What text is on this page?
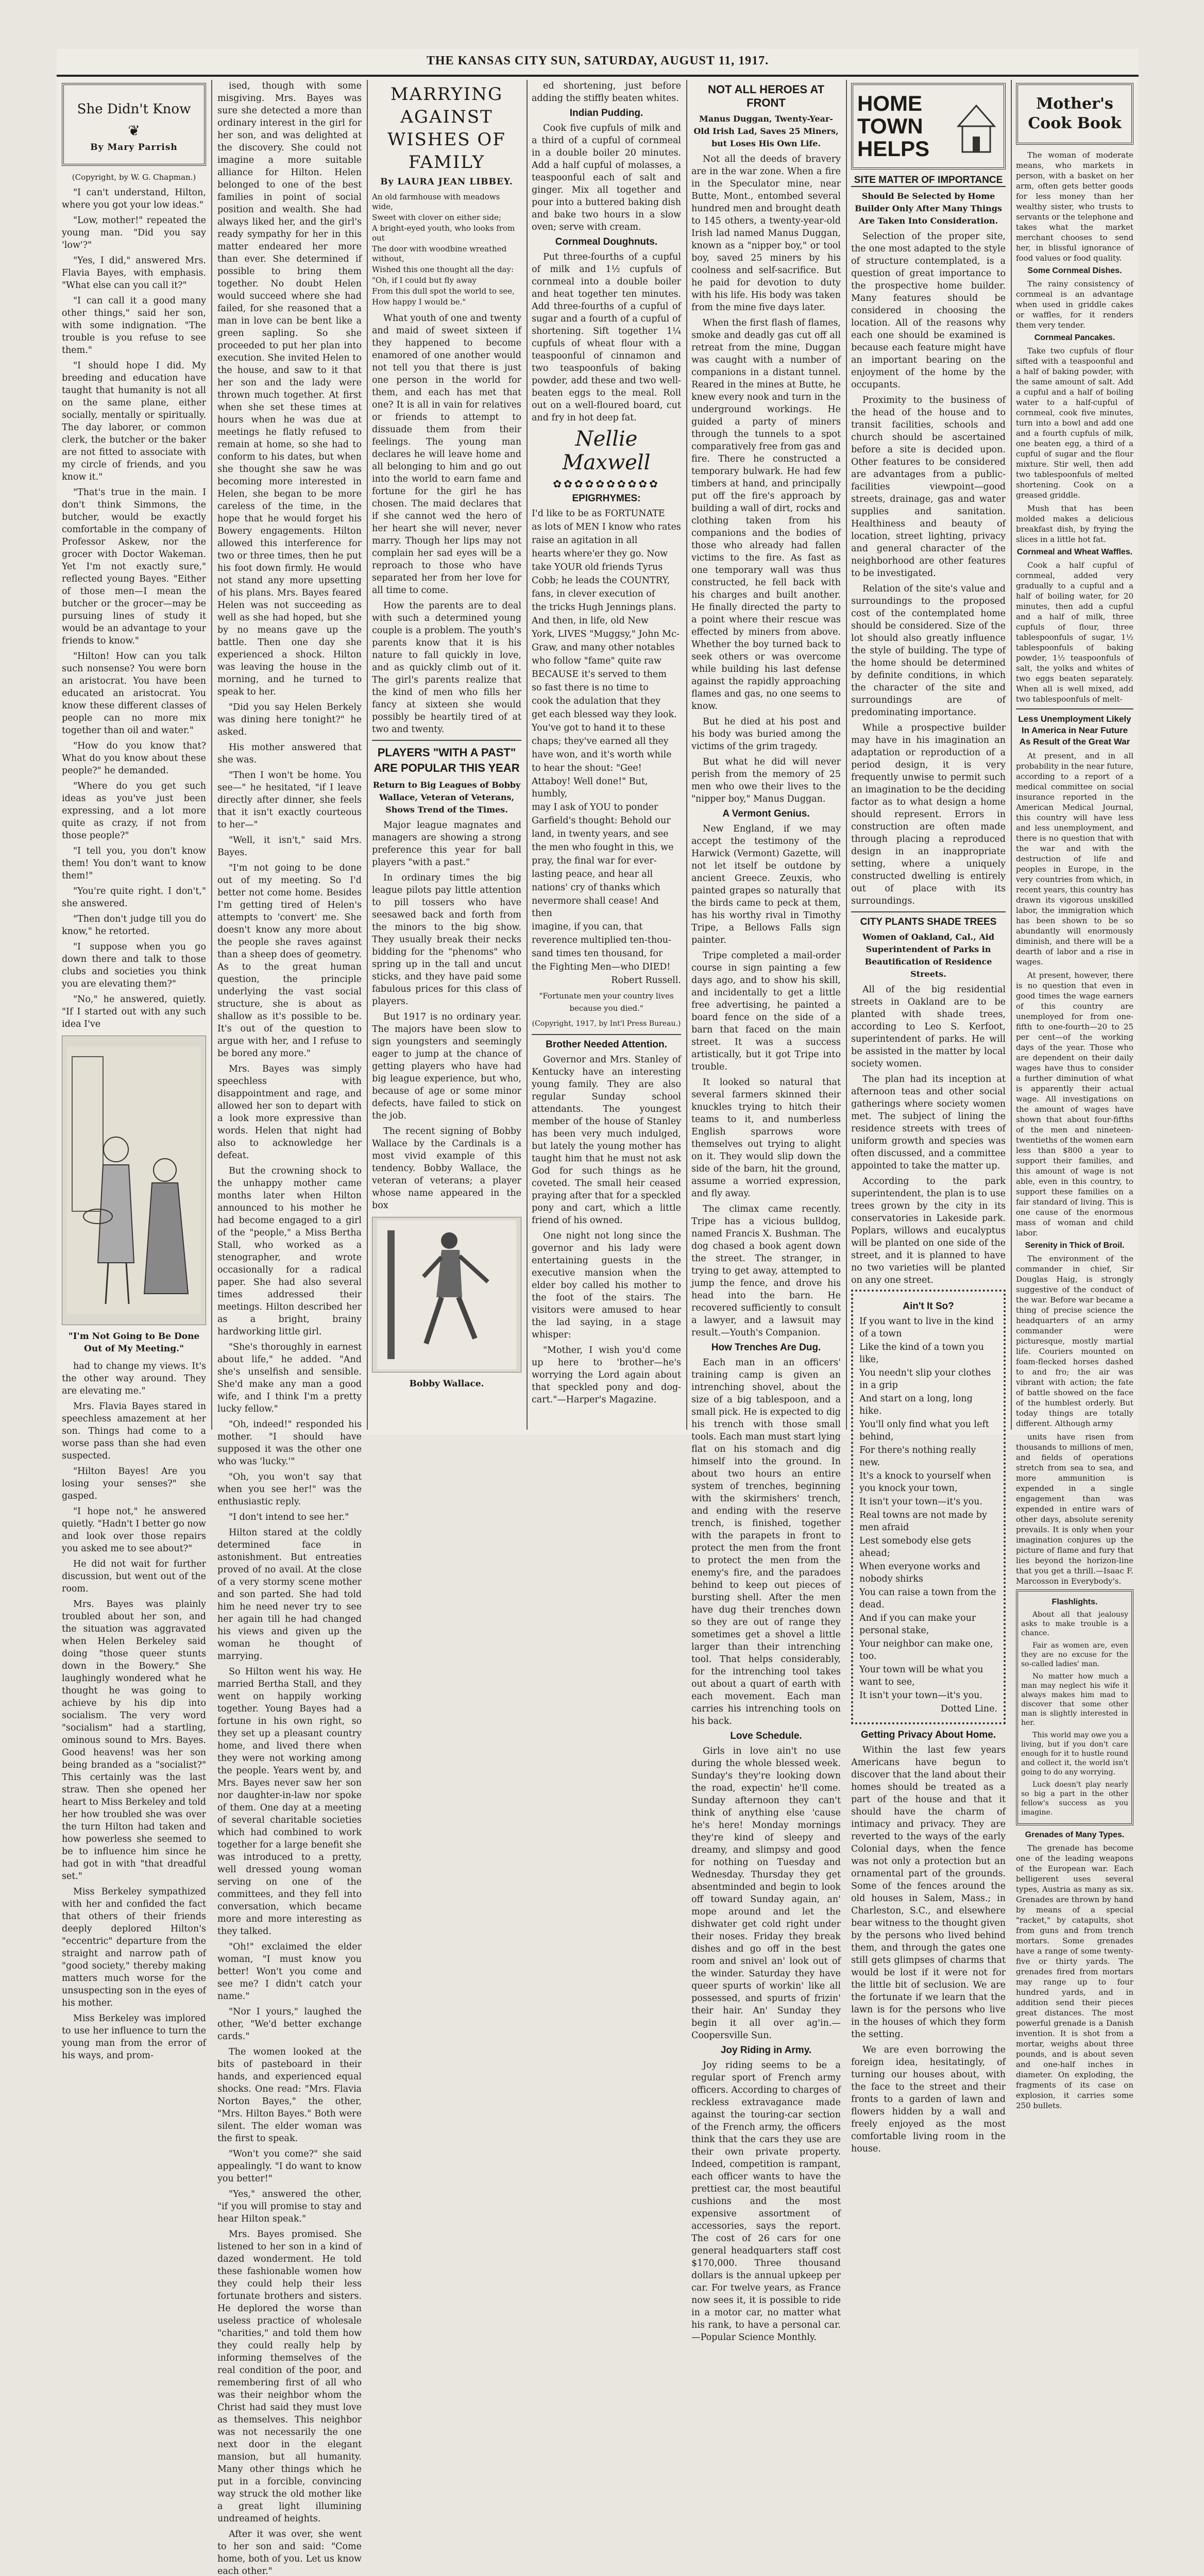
THE KANSAS CITY SUN, SATURDAY, AUGUST 11, 1917.
She Didn't Know
❦
By Mary Parrish

(Copyright, by W. G. Chapman.)

"I can't understand, Hilton, where you got your low ideas."

"Low, mother!" repeated the young man. "Did you say 'low'?"

"Yes, I did," answered Mrs. Flavia Bayes, with emphasis. "What else can you call it?"

"I can call it a good many other things," said her son, with some indignation. "The trouble is you refuse to see them."

"I should hope I did. My breeding and education have taught that humanity is not all on the same plane, either socially, mentally or spiritually. The day laborer, or common clerk, the butcher or the baker are not fitted to associate with my circle of friends, and you know it."

"That's true in the main. I don't think Simmons, the butcher, would be exactly comfortable in the company of Professor Askew, nor the grocer with Doctor Wakeman. Yet I'm not exactly sure," reflected young Bayes. "Either of those men—I mean the butcher or the grocer—may be pursuing lines of study it would be an advantage to your friends to know."

"Hilton! How can you talk such nonsense? You were born an aristocrat. You have been educated an aristocrat. You know these different classes of people can no more mix together than oil and water."

"How do you know that? What do you know about these people?" he demanded.

"Where do you get such ideas as you've just been expressing, and a lot more quite as crazy, if not from those people?"

"I tell you, you don't know them! You don't want to know them!"

"You're quite right. I don't," she answered.

"Then don't judge till you do know," he retorted.

"I suppose when you go down there and talk to those clubs and societies you think you are elevating them?"

"No," he answered, quietly. "If I started out with any such idea I've

"I'm Not Going to Be Done Out of My Meeting."

had to change my views. It's the other way around. They are elevating me."

Mrs. Flavia Bayes stared in speechless amazement at her son. Things had come to a worse pass than she had even suspected.

"Hilton Bayes! Are you losing your senses?" she gasped.

"I hope not," he answered quietly. "Hadn't I better go now and look over those repairs you asked me to see about?"

He did not wait for further discussion, but went out of the room.

Mrs. Bayes was plainly troubled about her son, and the situation was aggravated when Helen Berkeley said doing "those queer stunts down in the Bowery." She laughingly wondered what he thought he was going to achieve by his dip into socialism. The very word "socialism" had a startling, ominous sound to Mrs. Bayes. Good heavens! was her son being branded as a "socialist?" This certainly was the last straw. Then she opened her heart to Miss Berkeley and told her how troubled she was over the turn Hilton had taken and how powerless she seemed to be to influence him since he had got in with "that dreadful set."

Miss Berkeley sympathized with her and confided the fact that others of their friends deeply deplored Hilton's "eccentric" departure from the straight and narrow path of "good society," thereby making matters much worse for the unsuspecting son in the eyes of his mother.

Miss Berkeley was implored to use her influence to turn the young man from the error of his ways, and prom-

ised, though with some misgiving. Mrs. Bayes was sure she detected a more than ordinary interest in the girl for her son, and was delighted at the discovery. She could not imagine a more suitable alliance for Hilton. Helen belonged to one of the best families in point of social position and wealth. She had always liked her, and the girl's ready sympathy for her in this matter endeared her more than ever. She determined if possible to bring them together. No doubt Helen would succeed where she had failed, for she reasoned that a man in love can be bent like a green sapling. So she proceeded to put her plan into execution. She invited Helen to the house, and saw to it that her son and the lady were thrown much together. At first when she set these times at hours when he was due at meetings he flatly refused to remain at home, so she had to conform to his dates, but when she thought she saw he was becoming more interested in Helen, she began to be more careless of the time, in the hope that he would forget his Bowery engagements. Hilton allowed this interference for two or three times, then he put his foot down firmly. He would not stand any more upsetting of his plans. Mrs. Bayes feared Helen was not succeeding as well as she had hoped, but she by no means gave up the battle. Then one day she experienced a shock. Hilton was leaving the house in the morning, and he turned to speak to her.

"Did you say Helen Berkely was dining here tonight?" he asked.

His mother answered that she was.

"Then I won't be home. You see—" he hesitated, "if I leave directly after dinner, she feels that it isn't exactly courteous to her—"

"Well, it isn't," said Mrs. Bayes.

"I'm not going to be done out of my meeting. So I'd better not come home. Besides I'm getting tired of Helen's attempts to 'convert' me. She doesn't know any more about the people she raves against than a sheep does of geometry. As to the great human question, the principle underlying the vast social structure, she is about as shallow as it's possible to be. It's out of the question to argue with her, and I refuse to be bored any more."

Mrs. Bayes was simply speechless with disappointment and rage, and allowed her son to depart with a look more expressive than words. Helen that night had also to acknowledge her defeat.

But the crowning shock to the unhappy mother came months later when Hilton announced to his mother he had become engaged to a girl of the "people," a Miss Bertha Stall, who worked as a stenographer, and wrote occasionally for a radical paper. She had also several times addressed their meetings. Hilton described her as a bright, brainy hardworking little girl.

"She's thoroughly in earnest about life," he added. "And she's unselfish and sensible. She'd make any man a good wife, and I think I'm a pretty lucky fellow."

"Oh, indeed!" responded his mother. "I should have supposed it was the other one who was 'lucky.'"

"Oh, you won't say that when you see her!" was the enthusiastic reply.

"I don't intend to see her."

Hilton stared at the coldly determined face in astonishment. But entreaties proved of no avail. At the close of a very stormy scene mother and son parted. She had told him he need never try to see her again till he had changed his views and given up the woman he thought of marrying.

So Hilton went his way. He married Bertha Stall, and they went on happily working together. Young Bayes had a fortune in his own right, so they set up a pleasant country home, and lived there when they were not working among the people. Years went by, and Mrs. Bayes never saw her son nor daughter-in-law nor spoke of them. One day at a meeting of several charitable societies which had combined to work together for a large benefit she was introduced to a pretty, well dressed young woman serving on one of the committees, and they fell into conversation, which became more and more interesting as they talked.

"Oh!" exclaimed the elder woman, "I must know you better! Won't you come and see me? I didn't catch your name."

"Nor I yours," laughed the other, "We'd better exchange cards."

The women looked at the bits of pasteboard in their hands, and experienced equal shocks. One read: "Mrs. Flavia Norton Bayes," the other, "Mrs. Hilton Bayes." Both were silent. The elder woman was the first to speak.

"Won't you come?" she said appealingly. "I do want to know you better!"

"Yes," answered the other, "if you will promise to stay and hear Hilton speak."

Mrs. Bayes promised. She listened to her son in a kind of dazed wonderment. He told these fashionable women how they could help their less fortunate brothers and sisters. He deplored the worse than useless practice of wholesale "charities," and told them how they could really help by informing themselves of the real condition of the poor, and remembering first of all who was their neighbor whom the Christ had said they must love as themselves. This neighbor was not necessarily the one next door in the elegant mansion, but all humanity. Many other things which he put in a forcible, convincing way struck the old mother like a great light illumining undreamed of heights.

After it was over, she went to her son and said: "Come home, both of you. Let us know each other."

MARRYING AGAINST WISHES OF FAMILY
By LAURA JEAN LIBBEY.

An old farmhouse with meadows wide,

Sweet with clover on either side;

A bright-eyed youth, who looks from out

The door with woodbine wreathed without,

Wished this one thought all the day:

"Oh, if I could but fly away

From this dull spot the world to see,

How happy I would be."

What youth of one and twenty and maid of sweet sixteen if they happened to become enamored of one another would not tell you that there is just one person in the world for them, and each has met that one? It is all in vain for relatives or friends to attempt to dissuade them from their feelings. The young man declares he will leave home and all belonging to him and go out into the world to earn fame and fortune for the girl he has chosen. The maid declares that if she cannot wed the hero of her heart she will never, never marry. Though her lips may not complain her sad eyes will be a reproach to those who have separated her from her love for all time to come.

How the parents are to deal with such a determined young couple is a problem. The youth's parents know that it is his nature to fall quickly in love, and as quickly climb out of it. The girl's parents realize that the kind of men who fills her fancy at sixteen she would possibly be heartily tired of at two and twenty.

PLAYERS "WITH A PAST" ARE POPULAR THIS YEAR

Return to Big Leagues of Bobby Wallace, Veteran of Veterans, Shows Trend of the Times.

Major league magnates and managers are showing a strong preference this year for ball players "with a past."

In ordinary times the big league pilots pay little attention to pill tossers who have seesawed back and forth from the minors to the big show. They usually break their necks bidding for the "phenoms" who spring up in the tall and uncut sticks, and they have paid some fabulous prices for this class of players.

But 1917 is no ordinary year. The majors have been slow to sign youngsters and seemingly eager to jump at the chance of getting players who have had big league experience, but who, because of age or some minor defects, have failed to stick on the job.

The recent signing of Bobby Wallace by the Cardinals is a most vivid example of this tendency. Bobby Wallace, the veteran of veterans; a player whose name appeared in the box

Bobby Wallace.

ed shortening, just before adding the stiffly beaten whites.

Indian Pudding.

Cook five cupfuls of milk and a third of a cupful of cornmeal in a double boiler 20 minutes. Add a half cupful of molasses, a teaspoonful each of salt and ginger. Mix all together and pour into a buttered baking dish and bake two hours in a slow oven; serve with cream.

Cornmeal Doughnuts.

Put three-fourths of a cupful of milk and 1½ cupfuls of cornmeal into a double boiler and heat together ten minutes. Add three-fourths of a cupful of sugar and a fourth of a cupful of shortening. Sift together 1¼ cupfuls of wheat flour with a teaspoonful of cinnamon and two teaspoonfuls of baking powder, add these and two well-beaten eggs to the meal. Roll out on a well-floured board, cut and fry in hot deep fat.

Nellie Maxwell
✿✿✿✿✿✿✿✿✿✿
EPIGRHYMES:

I'd like to be as FORTUNATE

as lots of MEN I know who rates

raise an agitation in all

hearts where'er they go. Now

take YOUR old friends Tyrus

Cobb; he leads the COUNTRY,

fans, in clever execution of

the tricks Hugh Jennings plans.

And then, in life, old New

York, LIVES "Muggsy," John Mc-

Graw, and many other notables

who follow "fame" quite raw

BECAUSE it's served to them

so fast there is no time to

cook the adulation that they

get each blessed way they look.

You've got to hand it to these

chaps; they've earned all they

have won, and it's worth while

to hear the shout: "Gee!

Attaboy! Well done!" But, humbly,

may I ask of YOU to ponder

Garfield's thought: Behold our

land, in twenty years, and see

the men who fought in this, we

pray, the final war for ever-

lasting peace, and hear all

nations' cry of thanks which

nevermore shall cease! And then

imagine, if you can, that

reverence multiplied ten-thou-

sand times ten thousand, for

the Fighting Men—who DIED!

Robert Russell.

"Fortunate men your country lives because you died."

(Copyright, 1917, by Int'l Press Bureau.)

Brother Needed Attention.

Governor and Mrs. Stanley of Kentucky have an interesting young family. They are also regular Sunday school attendants. The youngest member of the house of Stanley has been very much indulged, but lately the young mother has taught him that he must not ask God for such things as he coveted. The small heir ceased praying after that for a speckled pony and cart, which a little friend of his owned.

One night not long since the governor and his lady were entertaining guests in the executive mansion when the elder boy called his mother to the foot of the stairs. The visitors were amused to hear the lad saying, in a stage whisper:

"Mother, I wish you'd come up here to 'brother—he's worrying the Lord again about that speckled pony and dog-cart."—Harper's Magazine.

NOT ALL HEROES AT FRONT

Manus Duggan, Twenty-Year-Old Irish Lad, Saves 25 Miners, but Loses His Own Life.

Not all the deeds of bravery are in the war zone. When a fire in the Speculator mine, near Butte, Mont., entombed several hundred men and brought death to 145 others, a twenty-year-old Irish lad named Manus Duggan, known as a "nipper boy," or tool boy, saved 25 miners by his coolness and self-sacrifice. But he paid for devotion to duty with his life. His body was taken from the mine five days later.

When the first flash of flames, smoke and deadly gas cut off all retreat from the mine, Duggan was caught with a number of companions in a distant tunnel. Reared in the mines at Butte, he knew every nook and turn in the underground workings. He guided a party of miners through the tunnels to a spot comparatively free from gas and fire. There he constructed a temporary bulwark. He had few timbers at hand, and principally put off the fire's approach by building a wall of dirt, rocks and clothing taken from his companions and the bodies of those who already had fallen victims to the fire. As fast as one temporary wall was thus constructed, he fell back with his charges and built another. He finally directed the party to a point where their rescue was effected by miners from above. Whether the boy turned back to seek others or was overcome while building his last defense against the rapidly approaching flames and gas, no one seems to know.

But he died at his post and his body was buried among the victims of the grim tragedy.

But what he did will never perish from the memory of 25 men who owe their lives to the "nipper boy," Manus Duggan.

A Vermont Genius.

New England, if we may accept the testimony of the Harwick (Vermont) Gazette, will not let itself be outdone by ancient Greece. Zeuxis, who painted grapes so naturally that the birds came to peck at them, has his worthy rival in Timothy Tripe, a Bellows Falls sign painter.

Tripe completed a mail-order course in sign painting a few days ago, and to show his skill, and incidentally to get a little free advertising, he painted a board fence on the side of a barn that faced on the main street. It was a success artistically, but it got Tripe into trouble.

It looked so natural that several farmers skinned their knuckles trying to hitch their teams to it, and numberless English sparrows wore themselves out trying to alight on it. They would slip down the side of the barn, hit the ground, assume a worried expression, and fly away.

The climax came recently. Tripe has a vicious bulldog, named Francis X. Bushman. The dog chased a book agent down the street. The stranger, in trying to get away, attempted to jump the fence, and drove his head into the barn. He recovered sufficiently to consult a lawyer, and a lawsuit may result.—Youth's Companion.

How Trenches Are Dug.

Each man in an officers' training camp is given an intrenching shovel, about the size of a big tablespoon, and a small pick. He is expected to dig his trench with those small tools. Each man must start lying flat on his stomach and dig himself into the ground. In about two hours an entire system of trenches, beginning with the skirmishers' trench, and ending with the reserve trench, is finished, together with the parapets in front to protect the men from the front to protect the men from the enemy's fire, and the paradoes behind to keep out pieces of bursting shell. After the men have dug their trenches down so they are out of range they sometimes get a shovel a little larger than their intrenching tool. That helps considerably, for the intrenching tool takes out about a quart of earth with each movement. Each man carries his intrenching tools on his back.

Love Schedule.

Girls in love ain't no use during the whole blessed week. Sunday's they're looking down the road, expectin' he'll come. Sunday afternoon they can't think of anything else 'cause he's here! Monday mornings they're kind of sleepy and dreamy, and slimpsy and good for nothing on Tuesday and Wednesday. Thursday they get absentminded and begin to look off toward Sunday again, an' mope around and let the dishwater get cold right under their noses. Friday they break dishes and go off in the best room and snivel an' look out of the winder. Saturday they have queer spurts of workin' like all possessed, and spurts of frizin' their hair. An' Sunday they begin it all over ag'in.—Coopersville Sun.

Joy Riding in Army.

Joy riding seems to be a regular sport of French army officers. According to charges of reckless extravagance made against the touring-car section of the French army, the officers think that the cars they use are their own private property. Indeed, competition is rampant, each officer wants to have the prettiest car, the most beautiful cushions and the most expensive assortment of accessories, says the report. The cost of 26 cars for one general headquarters staff cost $170,000. Three thousand dollars is the annual upkeep per car. For twelve years, as France now sees it, it is possible to ride in a motor car, no matter what his rank, to have a personal car.—Popular Science Monthly.

HOME TOWN HELPS
SITE MATTER OF IMPORTANCE

Should Be Selected by Home Builder Only After Many Things Are Taken Into Consideration.

Selection of the proper site, the one most adapted to the style of structure contemplated, is a question of great importance to the prospective home builder. Many features should be considered in choosing the location. All of the reasons why each one should be examined is because each feature might have an important bearing on the enjoyment of the home by the occupants.

Proximity to the business of the head of the house and to transit facilities, schools and church should be ascertained before a site is decided upon. Other features to be considered are advantages from a public-facilities viewpoint—good streets, drainage, gas and water supplies and sanitation. Healthiness and beauty of location, street lighting, privacy and general character of the neighborhood are other features to be investigated.

Relation of the site's value and surroundings to the proposed cost of the contemplated home should be considered. Size of the lot should also greatly influence the style of building. The type of the home should be determined by definite conditions, in which the character of the site and surroundings are of predominating importance.

While a prospective builder may have in his imagination an adaptation or reproduction of a period design, it is very frequently unwise to permit such an imagination to be the deciding factor as to what design a home should represent. Errors in construction are often made through placing a reproduced design in an inappropriate setting, where a uniquely constructed dwelling is entirely out of place with its surroundings.

CITY PLANTS SHADE TREES

Women of Oakland, Cal., Aid Superintendent of Parks in Beautification of Residence Streets.

All of the big residential streets in Oakland are to be planted with shade trees, according to Leo S. Kerfoot, superintendent of parks. He will be assisted in the matter by local society women.

The plan had its inception at afternoon teas and other social gatherings where society women met. The subject of lining the residence streets with trees of uniform growth and species was often discussed, and a committee appointed to take the matter up.

According to the park superintendent, the plan is to use trees grown by the city in its conservatories in Lakeside park. Poplars, willows and eucalyptus will be planted on one side of the street, and it is planned to have no two varieties will be planted on any one street.

Ain't It So?

If you want to live in the kind of a town

Like the kind of a town you like,

You needn't slip your clothes in a grip

And start on a long, long hike.

You'll only find what you left behind,

For there's nothing really new.

It's a knock to yourself when you knock your town,

It isn't your town—it's you.

Real towns are not made by men afraid

Lest somebody else gets ahead;

When everyone works and nobody shirks

You can raise a town from the dead.

And if you can make your personal stake,

Your neighbor can make one, too.

Your town will be what you want to see,

It isn't your town—it's you.

Dotted Line.

Getting Privacy About Home.

Within the last few years Americans have begun to discover that the land about their homes should be treated as a part of the house and that it should have the charm of intimacy and privacy. They are reverted to the ways of the early Colonial days, when the fence was not only a protection but an ornamental part of the grounds. Some of the fences around the old houses in Salem, Mass.; in Charleston, S.C., and elsewhere bear witness to the thought given by the persons who lived behind them, and through the gates one still gets glimpses of charms that would be lost if it were not for the little bit of seclusion. We are the fortunate if we learn that the lawn is for the persons who live in the houses of which they form the setting.

We are even borrowing the foreign idea, hesitatingly, of turning our houses about, with the face to the street and their fronts to a garden of lawn and flowers hidden by a wall and freely enjoyed as the most comfortable living room in the house.

Mother's Cook Book

The woman of moderate means, who markets in person, with a basket on her arm, often gets better goods for less money than her wealthy sister, who trusts to servants or the telephone and takes what the market merchant chooses to send her, in blissful ignorance of food values or food quality.

Some Cornmeal Dishes.

The rainy consistency of cornmeal is an advantage when used in griddle cakes or waffles, for it renders them very tender.

Cornmeal Pancakes.

Take two cupfuls of flour sifted with a teaspoonful and a half of baking powder, with the same amount of salt. Add a cupful and a half of boiling water to a half-cupful of cornmeal, cook five minutes, turn into a bowl and add one and a fourth cupfuls of milk, one beaten egg, a third of a cupful of sugar and the flour mixture. Stir well, then add two tablespoonfuls of melted shortening. Cook on a greased griddle.

Mush that has been molded makes a delicious breakfast dish, by frying the slices in a little hot fat.

Cornmeal and Wheat Waffles.

Cook a half cupful of cornmeal, added very gradually to a cupful and a half of boiling water, for 20 minutes, then add a cupful and a half of milk, three cupfuls of flour, three tablespoonfuls of sugar, 1½ tablespoonfuls of baking powder, 1½ teaspoonfuls of salt, the yolks and whites of two eggs beaten separately. When all is well mixed, add two tablespoonfuls of melt-

Less Unemployment Likely In America in Near Future As Result of the Great War

At present, and in all probability in the near future, according to a report of a medical committee on social insurance reported in the American Medical Journal, this country will have less and less unemployment, and there is no question that with the war and with the destruction of life and peoples in Europe, in the very countries from which, in recent years, this country has drawn its vigorous unskilled labor, the immigration which has been shown to be so abundantly will enormously diminish, and there will be a dearth of labor and a rise in wages.

At present, however, there is no question that even in good times the wage earners of this country are unemployed for from one-fifth to one-fourth—20 to 25 per cent—of the working days of the year. Those who are dependent on their daily wages have thus to consider a further diminution of what is apparently their actual wage. All investigations on the amount of wages have shown that about four-fifths of the men and nineteen-twentieths of the women earn less than $800 a year to support their families, and this amount of wage is not able, even in this country, to support these families on a fair standard of living. This is one cause of the enormous mass of woman and child labor.

Serenity in Thick of Broil.

The environment of the commander in chief, Sir Douglas Haig, is strongly suggestive of the conduct of the war. Before war became a thing of precise science the headquarters of an army commander were picturesque, mostly martial life. Couriers mounted on foam-flecked horses dashed to and fro; the air was vibrant with action; the fate of battle showed on the face of the humblest orderly. But today things are totally different. Although army

units have risen from thousands to millions of men, and fields of operations stretch from sea to sea, and more ammunition is expended in a single engagement than was expended in entire wars of other days, absolute serenity prevails. It is only when your imagination conjures up the picture of flame and fury that lies beyond the horizon-line that you get a thrill.—Isaac F. Marcosson in Everybody's.

Flashlights.

About all that jealousy asks to make trouble is a chance.

Fair as women are, even they are no excuse for the so-called ladies' man.

No matter how much a man may neglect his wife it always makes him mad to discover that some other man is slightly interested in her.

This world may owe you a living, but if you don't care enough for it to hustle round and collect it, the world isn't going to do any worrying.

Luck doesn't play nearly so big a part in the other fellow's success as you imagine.

Grenades of Many Types.

The grenade has become one of the leading weapons of the European war. Each belligerent uses several types, Austria as many as six. Grenades are thrown by hand by means of a special "racket," by catapults, shot from guns and from trench mortars. Some grenades have a range of some twenty-five or thirty yards. The grenades fired from mortars may range up to four hundred yards, and in addition send their pieces great distances. The most powerful grenade is a Danish invention. It is shot from a mortar, weighs about three pounds, and is about seven and one-half inches in diameter. On exploding, the fragments of its case on explosion, it carries some 250 bullets.
